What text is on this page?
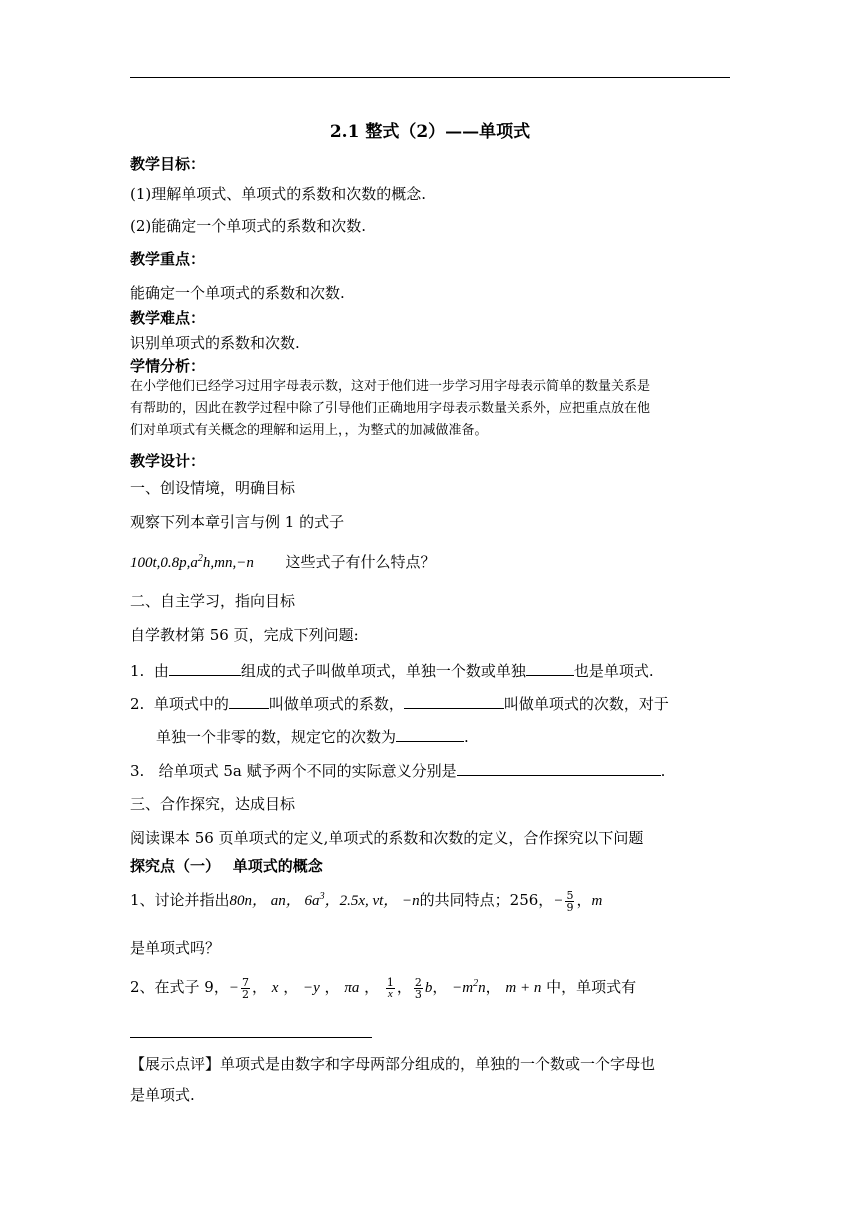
2.1 整式（2）——单项式
教学目标：
(1)理解单项式、单项式的系数和次数的概念.
(2)能确定一个单项式的系数和次数.
教学重点：
能确定一个单项式的系数和次数.
教学难点：
识别单项式的系数和次数.
学情分析：
在小学他们已经学习过用字母表示数，这对于他们进一步学习用字母表示简单的数量关系是
有帮助的，因此在教学过程中除了引导他们正确地用字母表示数量关系外，应把重点放在他
们对单项式有关概念的理解和运用上，，为整式的加减做准备。
教学设计：
一、创设情境，明确目标
观察下列本章引言与例 1 的式子
$100t,0.8p,a^2h,mn,-n$ 这些式子有什么特点？
二、自主学习，指向目标
自学教材第 56 页，完成下列问题:
1. 由	组成的式子叫做单项式，单独一个数或单独	也是单项式.
2. 单项式中的	叫做单项式的系数，	叫做单项式的次数，对于
单独一个非零的数，规定它的次数为	.
3. 给单项式 5a 赋予两个不同的实际意义分别是	.
三、合作探究，达成目标
阅读课本 56 页单项式的定义,单项式的系数和次数的定义，合作探究以下问题
探究点（一）　 单项式的概念
1、讨论并指出80n， an， $6a^3$，2.5x, vt， −n的共同特点；256，− $\frac{5}{9}$ ，m
是单项式吗？
2、在式子 9，− $\frac{7}{2}$ ， x ， −y ， πa ， $\frac{1}{x}$ ， $\frac{2}{3}$ b， $-m^2n$， m + n 中，单项式有
【展示点评】单项式是由数字和字母两部分组成的，单独的一个数或一个字母也
是单项式.
